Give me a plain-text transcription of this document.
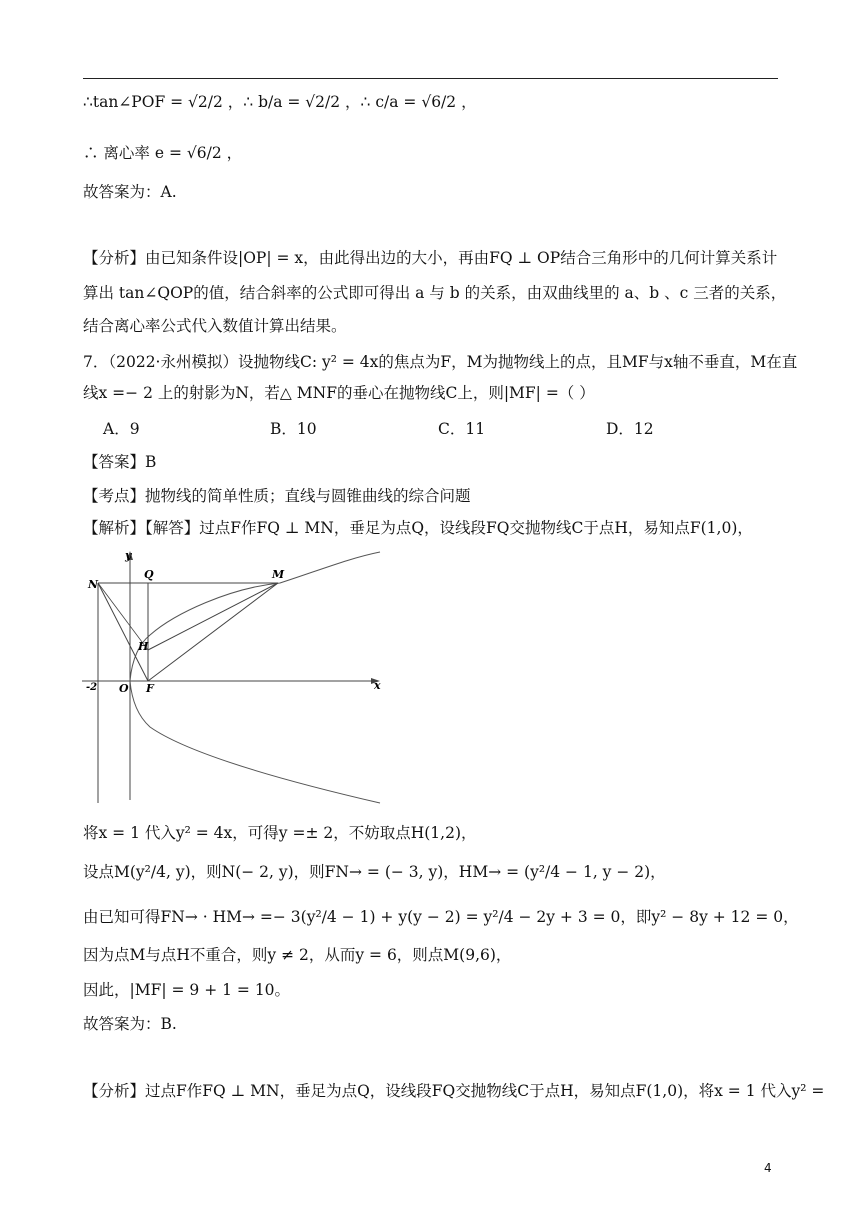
∴tan∠POF = √2/2 ，∴ b/a = √2/2 ，∴ c/a = √6/2 ，
∴ 离心率 e = √6/2 ，
故答案为：A.
【分析】由已知条件设|OP| = x，由此得出边的大小，再由FQ ⊥ OP结合三角形中的几何计算关系计
算出 tan∠QOP的值，结合斜率的公式即可得出 a 与 b 的关系，由双曲线里的 a、b 、c 三者的关系，
结合离心率公式代入数值计算出结果。
7．（2022·永州模拟）设抛物线C: y² = 4x的焦点为F，M为抛物线上的点，且MF与x轴不垂直，M在直
线x =− 2 上的射影为N，若△ MNF的垂心在抛物线C上，则|MF| =（ ）
A．9	B．10	C．11	D．12
【答案】B
【考点】抛物线的简单性质；直线与圆锥曲线的综合问题
【解析】【解答】过点F作FQ ⊥ MN，垂足为点Q，设线段FQ交抛物线C于点H，易知点F(1,0)，
y
x
N
Q	M
H
O F
-2
将x = 1 代入y² = 4x，可得y =± 2，不妨取点H(1,2)，
设点M(y²/4, y)，则N(− 2, y)，则FN→ = (− 3, y)，HM→ = (y²/4 − 1, y − 2)，
由已知可得FN→ · HM→ =− 3(y²/4 − 1) + y(y − 2) = y²/4 − 2y + 3 = 0，即y² − 8y + 12 = 0，
因为点M与点H不重合，则y ≠ 2，从而y = 6，则点M(9,6)，
因此，|MF| = 9 + 1 = 10。
故答案为：B.
【分析】过点F作FQ ⊥ MN，垂足为点Q，设线段FQ交抛物线C于点H，易知点F(1,0)，将x = 1 代入y² =
4
